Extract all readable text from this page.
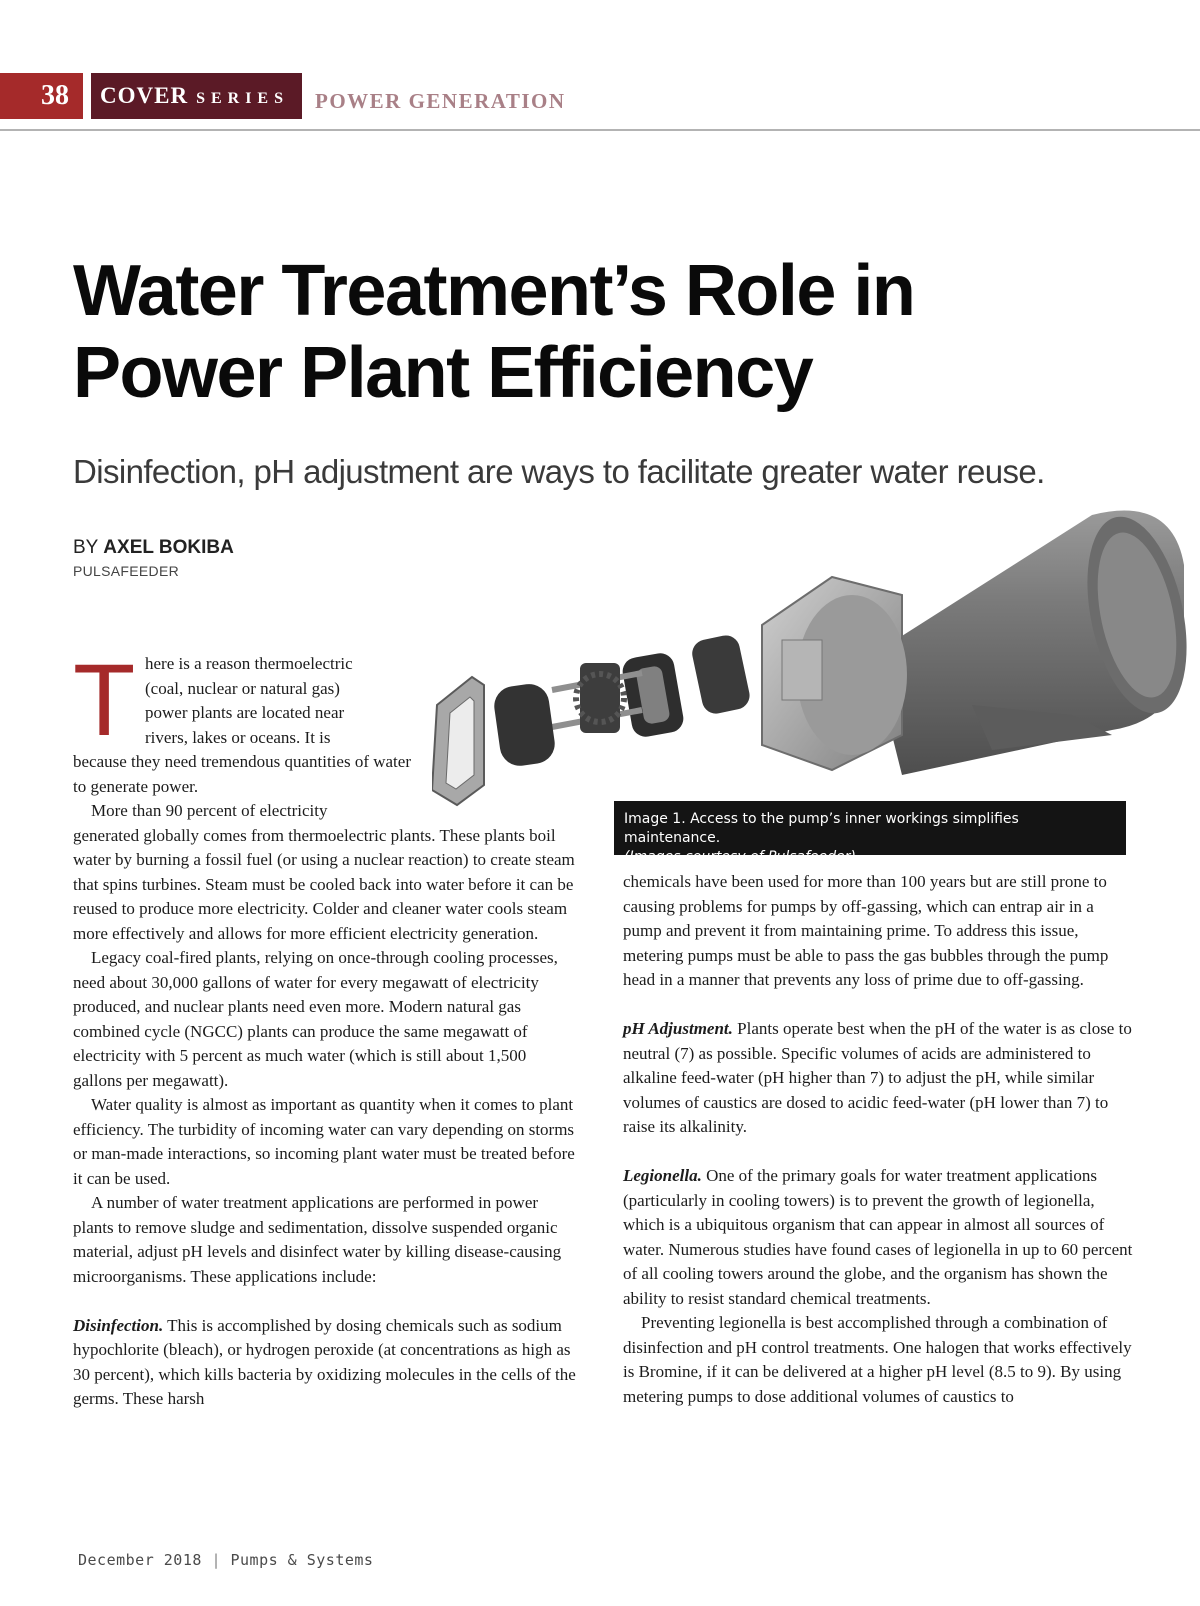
38	COVER SERIES	POWER GENERATION
Water Treatment’s Role in
Power Plant Efficiency
Disinfection, pH adjustment are ways to facilitate greater water reuse.
BY AXEL BOKIBA
PULSAFEEDER
Image 1. Access to the pump’s inner workings simplifies maintenance.
(Images courtesy of Pulsafeeder)
T here is a reason thermoelectric
(coal, nuclear or natural gas)
power plants are located near
rivers, lakes or oceans. It is

because they need tremendous quantities of water to generate power.

More than 90 percent of electricity

generated globally comes from thermoelectric plants. These plants boil water by burning a fossil fuel (or using a nuclear reaction) to create steam that spins turbines. Steam must be cooled back into water before it can be reused to produce more electricity. Colder and cleaner water cools steam more effectively and allows for more efficient electricity generation.

Legacy coal-fired plants, relying on once-through cooling processes, need about 30,000 gallons of water for every megawatt of electricity produced, and nuclear plants need even more. Modern natural gas combined cycle (NGCC) plants can produce the same megawatt of electricity with 5 percent as much water (which is still about 1,500 gallons per megawatt).

Water quality is almost as important as quantity when it comes to plant efficiency. The turbidity of incoming water can vary depending on storms or man-made interactions, so incoming plant water must be treated before it can be used.

A number of water treatment applications are performed in power plants to remove sludge and sedimentation, dissolve suspended organic material, adjust pH levels and disinfect water by killing disease-causing microorganisms. These applications include:

Disinfection. This is accomplished by dosing chemicals such as sodium hypochlorite (bleach), or hydrogen peroxide (at concentrations as high as 30 percent), which kills bacteria by oxidizing molecules in the cells of the germs. These harsh

chemicals have been used for more than 100 years but are still prone to causing problems for pumps by off-gassing, which can entrap air in a pump and prevent it from maintaining prime. To address this issue, metering pumps must be able to pass the gas bubbles through the pump head in a manner that prevents any loss of prime due to off-gassing.

pH Adjustment. Plants operate best when the pH of the water is as close to neutral (7) as possible. Specific volumes of acids are administered to alkaline feed-water (pH higher than 7) to adjust the pH, while similar volumes of caustics are dosed to acidic feed-water (pH lower than 7) to raise its alkalinity.

Legionella. One of the primary goals for water treatment applications (particularly in cooling towers) is to prevent the growth of legionella, which is a ubiquitous organism that can appear in almost all sources of water. Numerous studies have found cases of legionella in up to 60 percent of all cooling towers around the globe, and the organism has shown the ability to resist standard chemical treatments.

Preventing legionella is best accomplished through a combination of disinfection and pH control treatments. One halogen that works effectively is Bromine, if it can be delivered at a higher pH level (8.5 to 9). By using metering pumps to dose additional volumes of caustics to

December 2018 | Pumps & Systems
